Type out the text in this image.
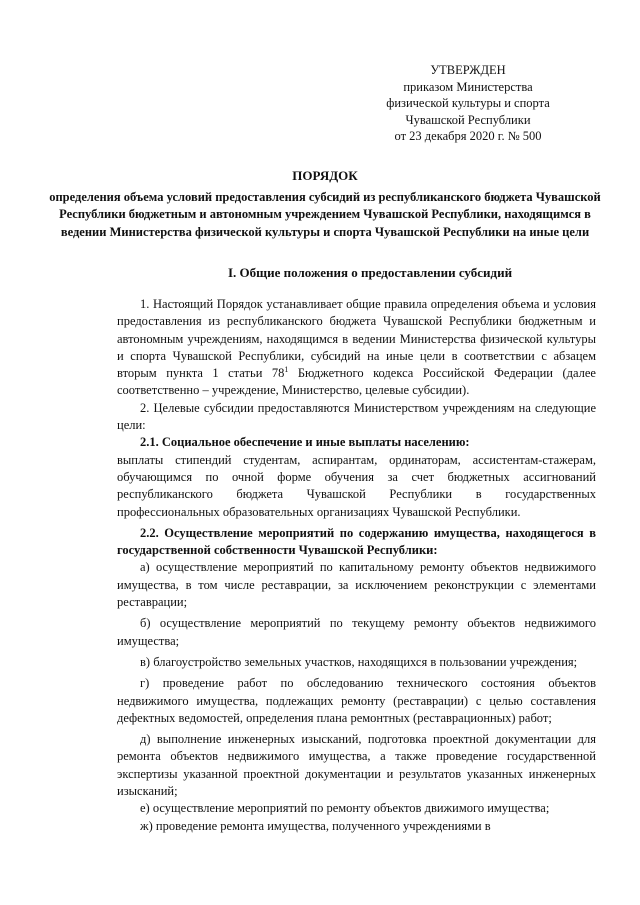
УТВЕРЖДЕН
приказом Министерства
физической культуры и спорта
Чувашской Республики
от 23 декабря 2020 г. № 500
ПОРЯДОК
определения объема условий предоставления субсидий из республиканского бюджета Чувашской Республики бюджетным и автономным учреждением Чувашской Республики, находящимся в ведении Министерства физической культуры и спорта Чувашской Республики на иные цели
I. Общие положения о предоставлении субсидий

1. Настоящий Порядок устанавливает общие правила определения объема и условия предоставления из республиканского бюджета Чувашской Республики бюджетным и автономным учреждениям, находящимся в ведении Министерства физической культуры и спорта Чувашской Республики, субсидий на иные цели в соответствии с абзацем вторым пункта 1 статьи $78^1$ Бюджетного кодекса Российской Федерации (далее соответственно – учреждение, Министерство, целевые субсидии).

2. Целевые субсидии предоставляются Министерством учреждениям на следующие цели:

2.1. Социальное обеспечение и иные выплаты населению:

выплаты стипендий студентам, аспирантам, ординаторам, ассистентам-стажерам, обучающимся по очной форме обучения за счет бюджетных ассигнований республиканского бюджета Чувашской Республики в государственных профессиональных образовательных организациях Чувашской Республики.

2.2. Осуществление мероприятий по содержанию имущества, находящегося в государственной собственности Чувашской Республики:

а) осуществление мероприятий по капитальному ремонту объектов недвижимого имущества, в том числе реставрации, за исключением реконструкции с элементами реставрации;

б) осуществление мероприятий по текущему ремонту объектов недвижимого имущества;

в) благоустройство земельных участков, находящихся в пользовании учреждения;

г) проведение работ по обследованию технического состояния объектов недвижимого имущества, подлежащих ремонту (реставрации) с целью составления дефектных ведомостей, определения плана ремонтных (реставрационных) работ;

д) выполнение инженерных изысканий, подготовка проектной документации для ремонта объектов недвижимого имущества, а также проведение государственной экспертизы указанной проектной документации и результатов указанных инженерных изысканий;

е) осуществление мероприятий по ремонту объектов движимого имущества;

ж) проведение ремонта имущества, полученного учреждениями в
